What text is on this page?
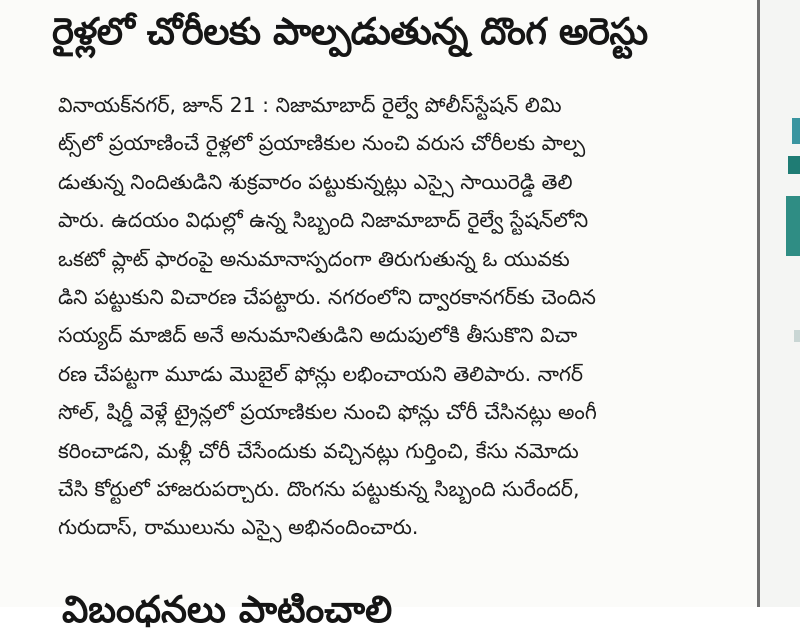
రైళ్లలో చోరీలకు పాల్పడుతున్న దొంగ అరెస్టు
వినాయక్‌నగర్, జూన్ 21 : నిజామాబాద్ రైల్వే పోలీస్‌స్టేషన్ లిమి
ట్స్‌లో ప్రయాణించే రైళ్లలో ప్రయాణికుల నుంచి వరుస చోరీలకు పాల్ప
డుతున్న నిందితుడిని శుక్రవారం పట్టుకున్నట్లు ఎస్సై సాయిరెడ్డి తెలి
పారు. ఉదయం విధుల్లో ఉన్న సిబ్బంది నిజామాబాద్ రైల్వే స్టేషన్‌లోని
ఒకటో ప్లాట్ ఫారంపై అనుమానాస్పదంగా తిరుగుతున్న ఓ యువకు
డిని పట్టుకుని విచారణ చేపట్టారు. నగరంలోని ద్వారకానగర్‌కు చెందిన
సయ్యద్ మాజిద్ అనే అనుమానితుడిని అదుపులోకి తీసుకొని విచా
రణ చేపట్టగా మూడు మొబైల్ ఫోన్లు లభించాయని తెలిపారు. నాగర్
సోల్, షిర్డీ వెళ్లే ట్రైన్లలో ప్రయాణికుల నుంచి ఫోన్లు చోరీ చేసినట్లు అంగీ
కరించాడని, మళ్లీ చోరీ చేసేందుకు వచ్చినట్లు గుర్తించి, కేసు నమోదు
చేసి కోర్టులో హాజరుపర్చారు. దొంగను పట్టుకున్న సిబ్బంది సురేందర్,
గురుదాస్, రాములును ఎస్సై అభినందించారు.
విబంధనలు పాటించాలి
